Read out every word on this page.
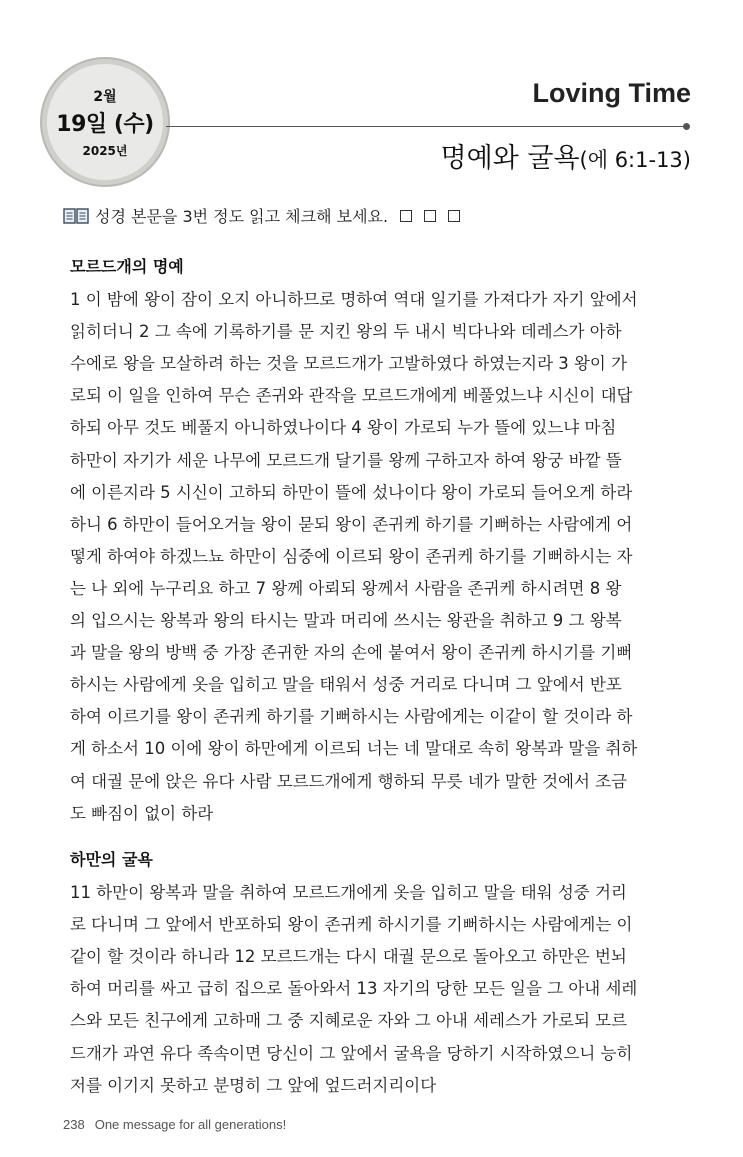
2월
19일 (수)
2025년
Loving Time
명예와 굴욕(에 6:1-13)
성경 본문을 3번 정도 읽고 체크해 보세요.
모르드개의 명예
1 이 밤에 왕이 잠이 오지 아니하므로 명하여 역대 일기를 가져다가 자기 앞에서
읽히더니 2 그 속에 기록하기를 문 지킨 왕의 두 내시 빅다나와 데레스가 아하
수에로 왕을 모살하려 하는 것을 모르드개가 고발하였다 하였는지라 3 왕이 가
로되 이 일을 인하여 무슨 존귀와 관작을 모르드개에게 베풀었느냐 시신이 대답
하되 아무 것도 베풀지 아니하였나이다 4 왕이 가로되 누가 뜰에 있느냐 마침
하만이 자기가 세운 나무에 모르드개 달기를 왕께 구하고자 하여 왕궁 바깥 뜰
에 이른지라 5 시신이 고하되 하만이 뜰에 섰나이다 왕이 가로되 들어오게 하라
하니 6 하만이 들어오거늘 왕이 묻되 왕이 존귀케 하기를 기뻐하는 사람에게 어
떻게 하여야 하겠느뇨 하만이 심중에 이르되 왕이 존귀케 하기를 기뻐하시는 자
는 나 외에 누구리요 하고 7 왕께 아뢰되 왕께서 사람을 존귀케 하시려면 8 왕
의 입으시는 왕복과 왕의 타시는 말과 머리에 쓰시는 왕관을 취하고 9 그 왕복
과 말을 왕의 방백 중 가장 존귀한 자의 손에 붙여서 왕이 존귀케 하시기를 기뻐
하시는 사람에게 옷을 입히고 말을 태워서 성중 거리로 다니며 그 앞에서 반포
하여 이르기를 왕이 존귀케 하기를 기뻐하시는 사람에게는 이같이 할 것이라 하
게 하소서 10 이에 왕이 하만에게 이르되 너는 네 말대로 속히 왕복과 말을 취하
여 대궐 문에 앉은 유다 사람 모르드개에게 행하되 무릇 네가 말한 것에서 조금
도 빠짐이 없이 하라
하만의 굴욕
11 하만이 왕복과 말을 취하여 모르드개에게 옷을 입히고 말을 태워 성중 거리
로 다니며 그 앞에서 반포하되 왕이 존귀케 하시기를 기뻐하시는 사람에게는 이
같이 할 것이라 하니라 12 모르드개는 다시 대궐 문으로 돌아오고 하만은 번뇌
하여 머리를 싸고 급히 집으로 돌아와서 13 자기의 당한 모든 일을 그 아내 세레
스와 모든 친구에게 고하매 그 중 지혜로운 자와 그 아내 세레스가 가로되 모르
드개가 과연 유다 족속이면 당신이 그 앞에서 굴욕을 당하기 시작하였으니 능히
저를 이기지 못하고 분명히 그 앞에 엎드러지리이다
238 One message for all generations!
